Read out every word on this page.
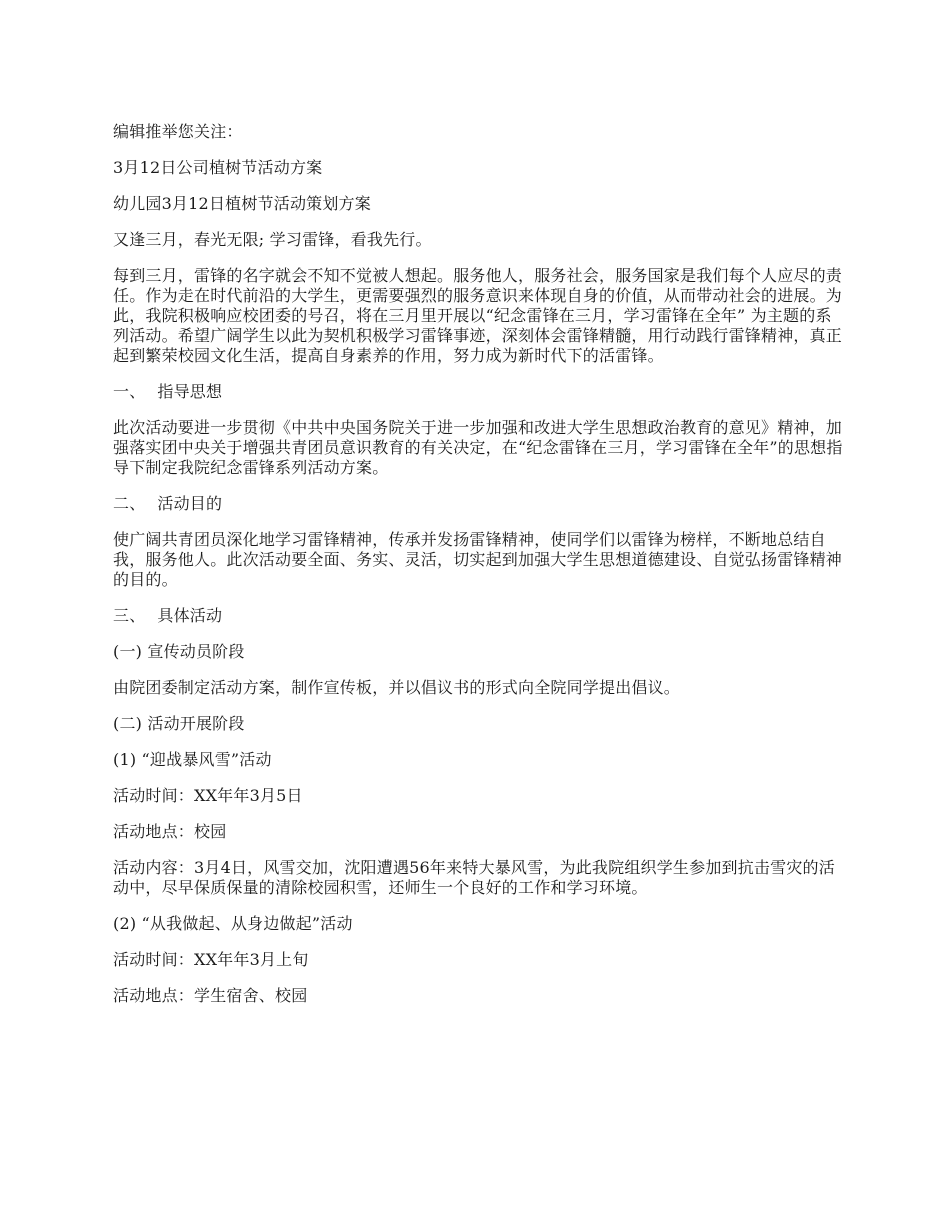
编辑推举您关注：

3月12日公司植树节活动方案

幼儿园3月12日植树节活动策划方案

又逢三月，春光无限; 学习雷锋，看我先行。

每到三月，雷锋的名字就会不知不觉被人想起。服务他人，服务社会，服务国家是我们每个人应尽的责任。作为走在时代前沿的大学生，更需要强烈的服务意识来体现自身的价值，从而带动社会的进展。为此，我院积极响应校团委的号召，将在三月里开展以“纪念雷锋在三月，学习雷锋在全年” 为主题的系列活动。希望广阔学生以此为契机积极学习雷锋事迹，深刻体会雷锋精髓，用行动践行雷锋精神，真正起到繁荣校园文化生活，提高自身素养的作用，努力成为新时代下的活雷锋。

一、 指导思想

此次活动要进一步贯彻《中共中央国务院关于进一步加强和改进大学生思想政治教育的意见》精神，加强落实团中央关于增强共青团员意识教育的有关决定，在“纪念雷锋在三月，学习雷锋在全年”的思想指导下制定我院纪念雷锋系列活动方案。

二、 活动目的

使广阔共青团员深化地学习雷锋精神，传承并发扬雷锋精神，使同学们以雷锋为榜样，不断地总结自我，服务他人。此次活动要全面、务实、灵活，切实起到加强大学生思想道德建设、自觉弘扬雷锋精神的目的。

三、 具体活动

(一) 宣传动员阶段

由院团委制定活动方案，制作宣传板，并以倡议书的形式向全院同学提出倡议。

(二) 活动开展阶段

(1) “迎战暴风雪”活动

活动时间：XX年年3月5日

活动地点：校园

活动内容：3月4日，风雪交加，沈阳遭遇56年来特大暴风雪，为此我院组织学生参加到抗击雪灾的活动中，尽早保质保量的清除校园积雪，还师生一个良好的工作和学习环境。

(2) “从我做起、从身边做起”活动

活动时间：XX年年3月上旬

活动地点：学生宿舍、校园
